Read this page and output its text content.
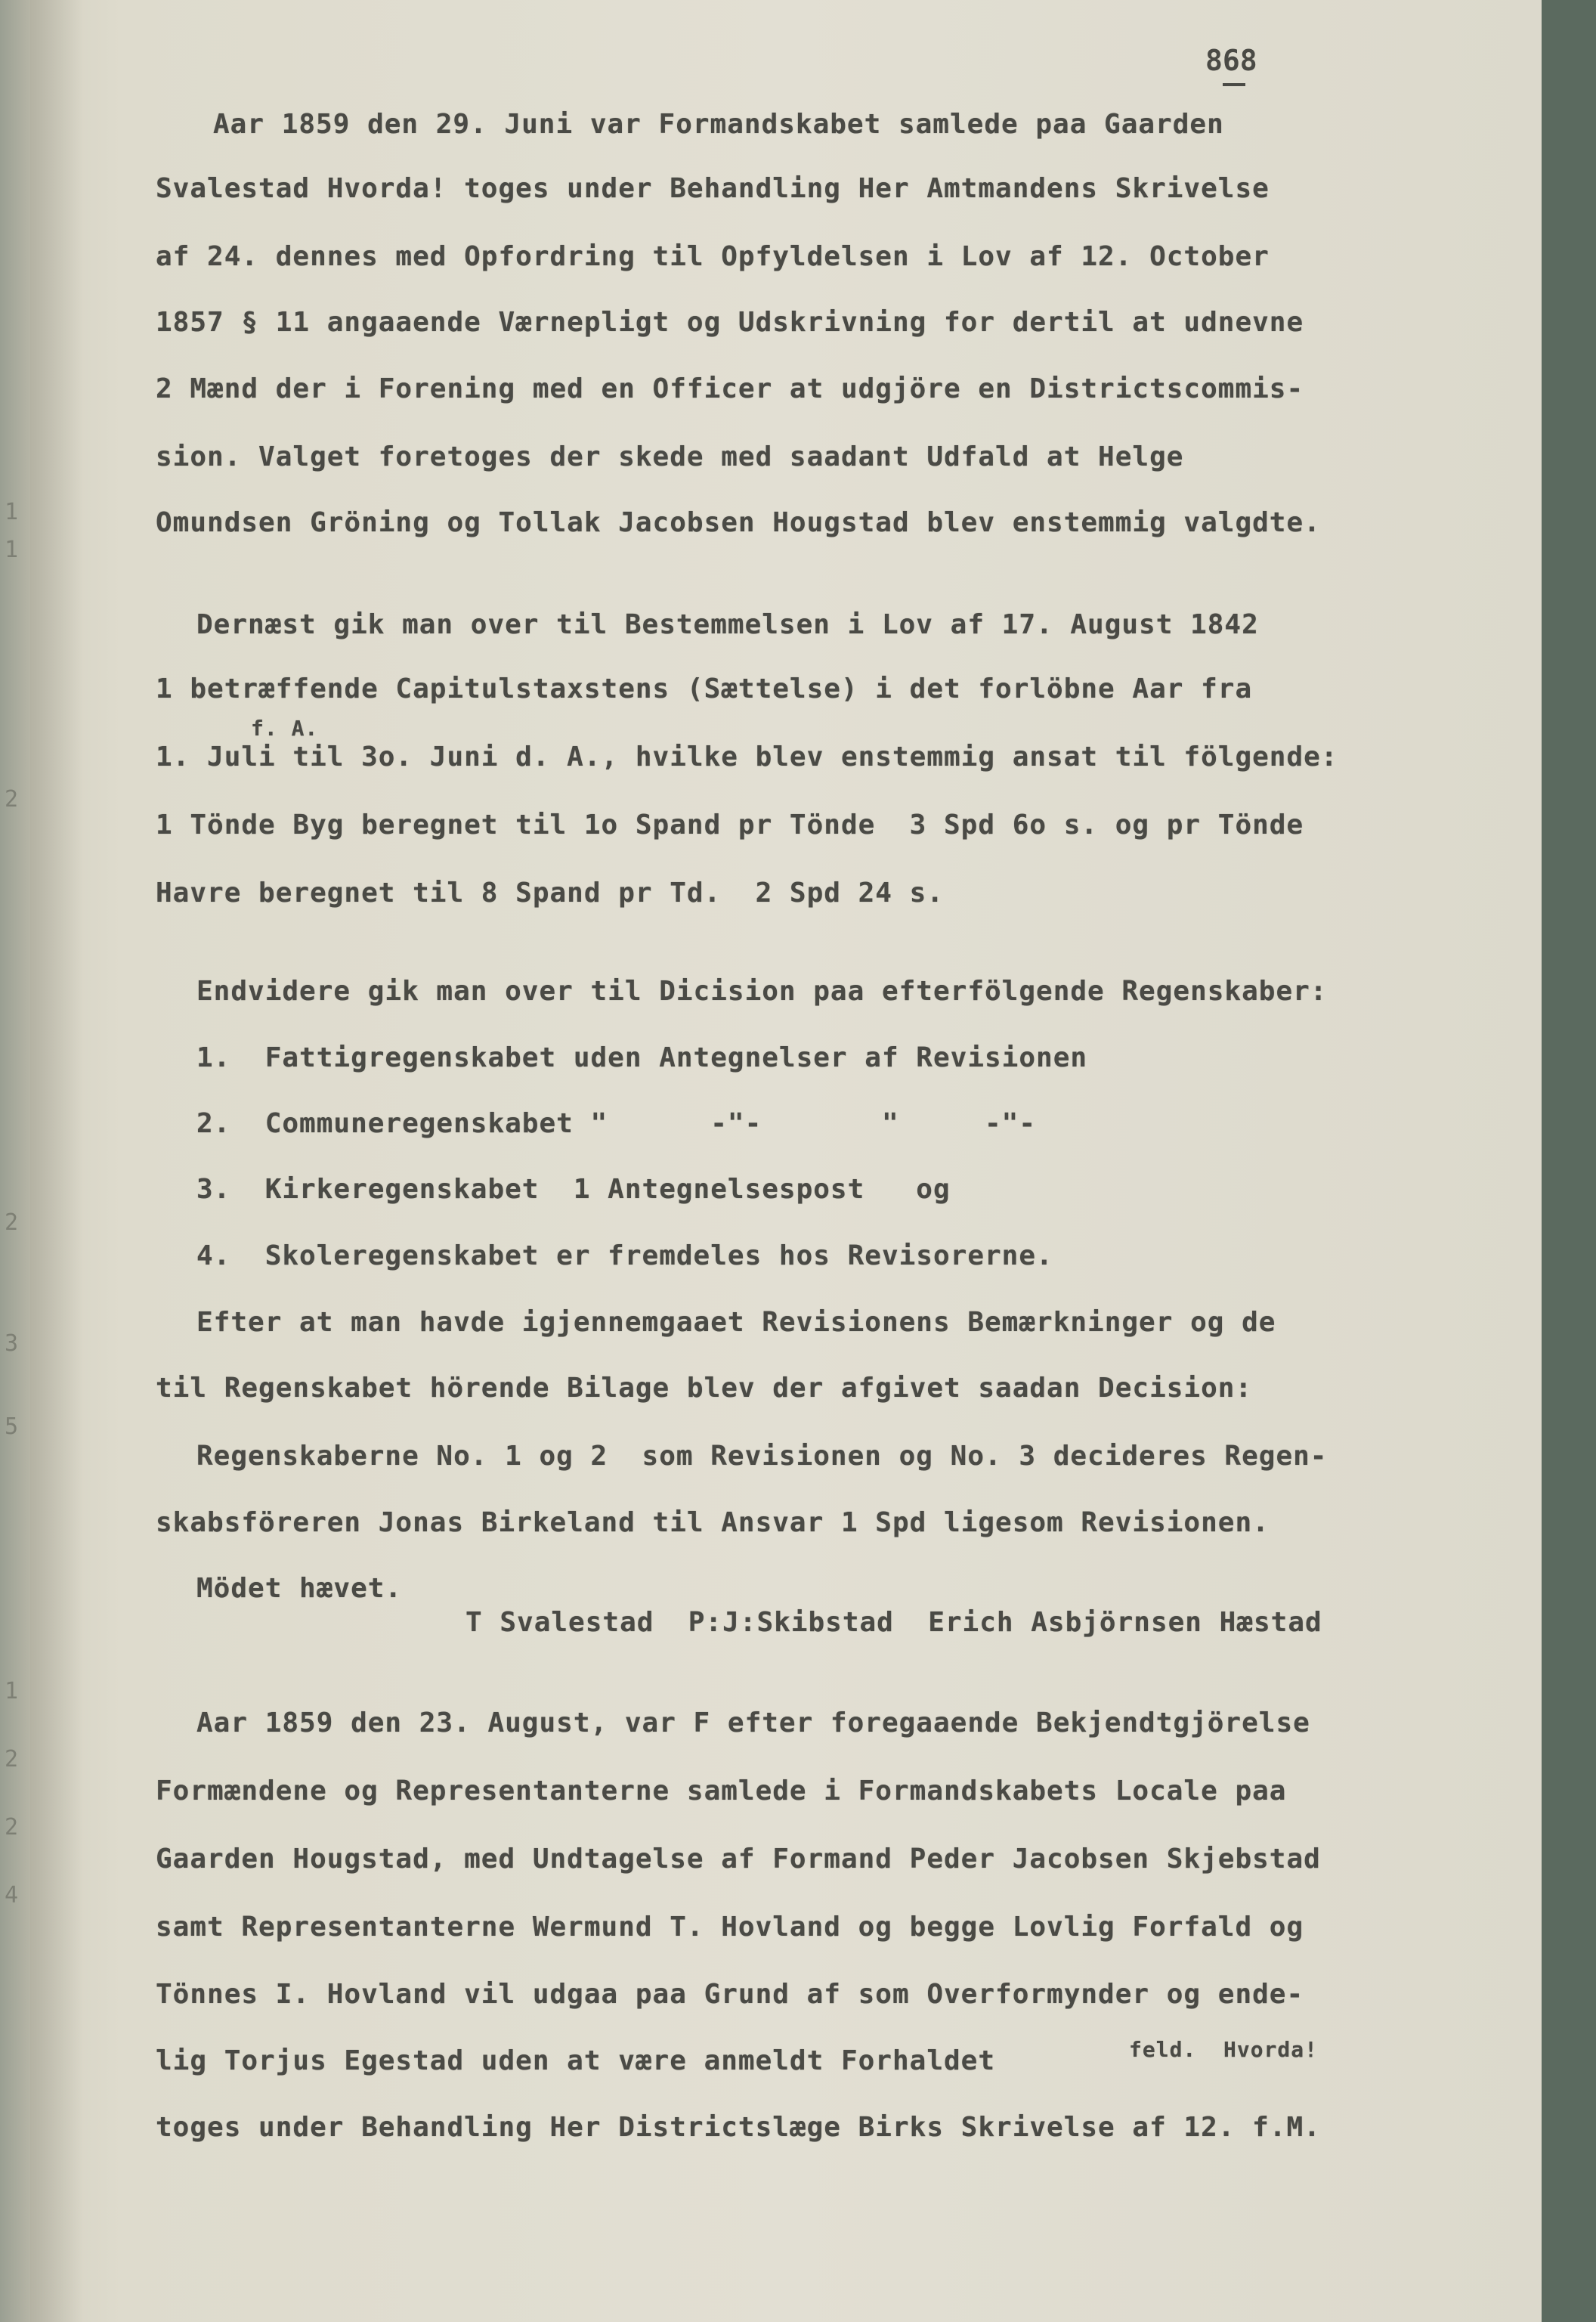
1
1
2
2
3
5
1
2
2
4
868
Aar 1859 den 29. Juni var Formandskabet samlede paa Gaarden
Svalestad Hvorda! toges under Behandling Her Amtmandens Skrivelse
af 24. dennes med Opfordring til Opfyldelsen i Lov af 12. October
1857 § 11 angaaende Værnepligt og Udskrivning for dertil at udnevne
2 Mænd der i Forening med en Officer at udgjöre en Districtscommis-
sion. Valget foretoges der skede med saadant Udfald at Helge
Omundsen Gröning og Tollak Jacobsen Hougstad blev enstemmig valgdte.
Dernæst gik man over til Bestemmelsen i Lov af 17. August 1842
1 betræffende Capitulstaxstens (Sættelse) i det forlöbne Aar fra
f. A.
1. Juli til 3o. Juni d. A., hvilke blev enstemmig ansat til fölgende:
1 Tönde Byg beregnet til 1o Spand pr Tönde  3 Spd 6o s. og pr Tönde
Havre beregnet til 8 Spand pr Td.  2 Spd 24 s.
Endvidere gik man over til Dicision paa efterfölgende Regenskaber:
1.  Fattigregenskabet uden Antegnelser af Revisionen
2.  Communeregenskabet "      -"-       "     -"-
3.  Kirkeregenskabet  1 Antegnelsespost   og
4.  Skoleregenskabet er fremdeles hos Revisorerne.
Efter at man havde igjennemgaaet Revisionens Bemærkninger og de
til Regenskabet hörende Bilage blev der afgivet saadan Decision:
Regenskaberne No. 1 og 2  som Revisionen og No. 3 decideres Regen-
skabsföreren Jonas Birkeland til Ansvar 1 Spd ligesom Revisionen.
Mödet hævet.
T Svalestad  P:J:Skibstad  Erich Asbjörnsen Hæstad
Aar 1859 den 23. August, var F efter foregaaende Bekjendtgjörelse
Formændene og Representanterne samlede i Formandskabets Locale paa
Gaarden Hougstad, med Undtagelse af Formand Peder Jacobsen Skjebstad
samt Representanterne Wermund T. Hovland og begge Lovlig Forfald og
Tönnes I. Hovland vil udgaa paa Grund af som Overformynder og ende-
lig Torjus Egestad uden at være anmeldt Forhaldet	feld.  Hvorda!
toges under Behandling Her Districtslæge Birks Skrivelse af 12. f.M.
